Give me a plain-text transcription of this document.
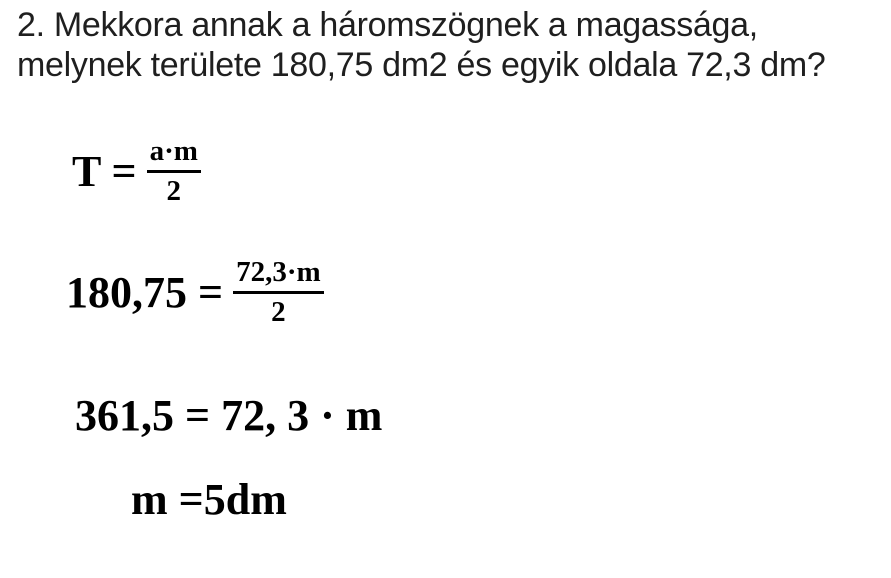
2. Mekkora annak a háromszögnek a magassága,
melynek területe 180,75 dm2 és egyik oldala 72,3 dm?
$T = \frac{a\cdot m}{2}$
$180,75 = \frac{72,3\cdot m}{2}$
361,5 = 72, 3 · m
m =5dm
